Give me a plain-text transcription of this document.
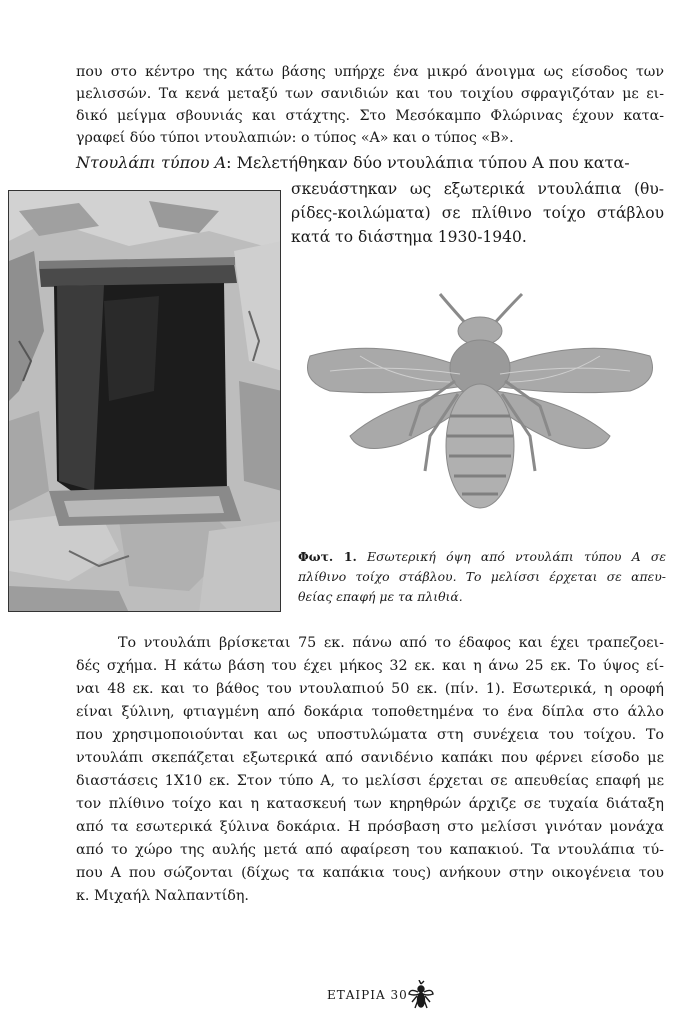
που στο κέντρο της κάτω βάσης υπήρχε ένα μικρό άνοιγμα ως είσοδος των
μελισσών. Τα κενά μεταξύ των σανιδιών και του τοιχίου σφραγιζόταν με ει-
δικό μείγμα σβουνιάς και στάχτης. Στο Μεσόκαμπο Φλώρινας έχουν κατα-
γραφεί δύο τύποι ντουλαπιών: ο τύπος «Α» και ο τύπος «Β».
Ντουλάπι τύπου Α: Μελετήθηκαν δύο ντουλάπια τύπου Α που κατα-
σκευάστηκαν ως εξωτερικά ντουλάπια (θυ-
ρίδες-κοιλώματα) σε πλίθινο τοίχο στάβλου
κατά το διάστημα 1930-1940.
Φωτ. 1. Εσωτερική όψη από ντουλάπι τύπου Α σε
πλίθινο τοίχο στάβλου. Το μελίσσι έρχεται σε απευ-
θείας επαφή με τα πλιθιά.
Το ντουλάπι βρίσκεται 75 εκ. πάνω από το έδαφος και έχει τραπεζοει-
δές σχήμα. Η κάτω βάση του έχει μήκος 32 εκ. και η άνω 25 εκ. Το ύψος εί-
ναι 48 εκ. και το βάθος του ντουλαπιού 50 εκ. (πίν. 1). Εσωτερικά, η οροφή
είναι ξύλινη, φτιαγμένη από δοκάρια τοποθετημένα το ένα δίπλα στο άλλο
που χρησιμοποιούνται και ως υποστυλώματα στη συνέχεια του τοίχου. Το
ντουλάπι σκεπάζεται εξωτερικά από σανιδένιο καπάκι που φέρνει είσοδο με
διαστάσεις 1Χ10 εκ. Στον τύπο Α, το μελίσσι έρχεται σε απευθείας επαφή με
τον πλίθινο τοίχο και η κατασκευή των κηρηθρών άρχιζε σε τυχαία διάταξη
από τα εσωτερικά ξύλινα δοκάρια. Η πρόσβαση στο μελίσσι γινόταν μονάχα
από το χώρο της αυλής μετά από αφαίρεση του καπακιού. Τα ντουλάπια τύ-
που Α που σώζονται (δίχως τα καπάκια τους) ανήκουν στην οικογένεια του
κ. Μιχαήλ Ναλπαντίδη.
ΕΤΑΙΡΙΑ 30
